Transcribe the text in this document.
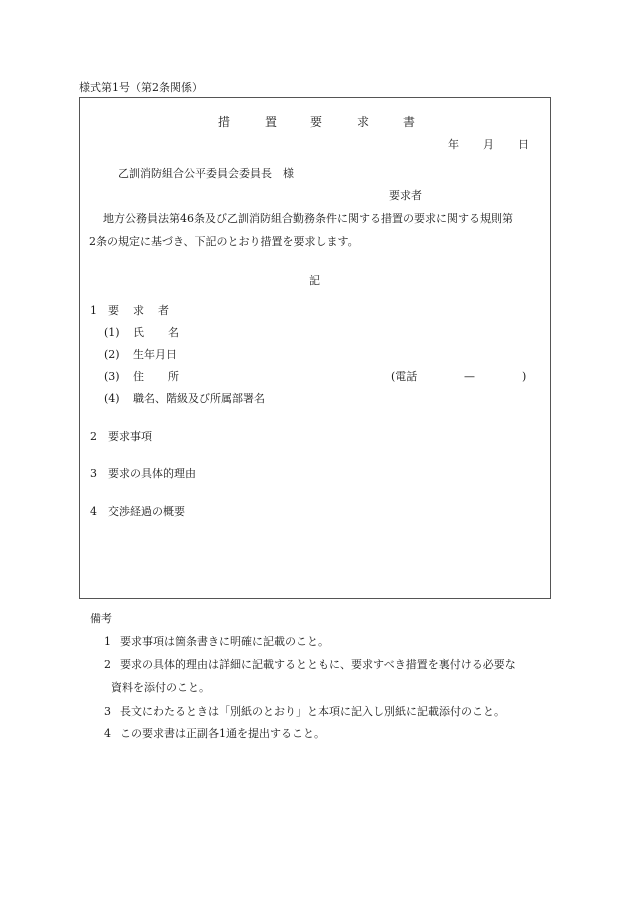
様式第1号（第2条関係）
措	置	要	求	書
年 月 日
乙訓消防組合公平委員会委員長　様
要求者
地方公務員法第46条及び乙訓消防組合勤務条件に関する措置の要求に関する規則第
2条の規定に基づき、下記のとおり措置を要求します。
記
1 要 求 者
(1) 氏 名
(2) 生年月日
(3) 住 所	(電話	—	)
(4) 職名、階級及び所属部署名
2 要求事項
3 要求の具体的理由
4 交渉経過の概要
備考
1 要求事項は箇条書きに明確に記載のこと。
2 要求の具体的理由は詳細に記載するとともに、要求すべき措置を裏付ける必要な
資料を添付のこと。
3 長文にわたるときは「別紙のとおり」と本項に記入し別紙に記載添付のこと。
4 この要求書は正副各1通を提出すること。
